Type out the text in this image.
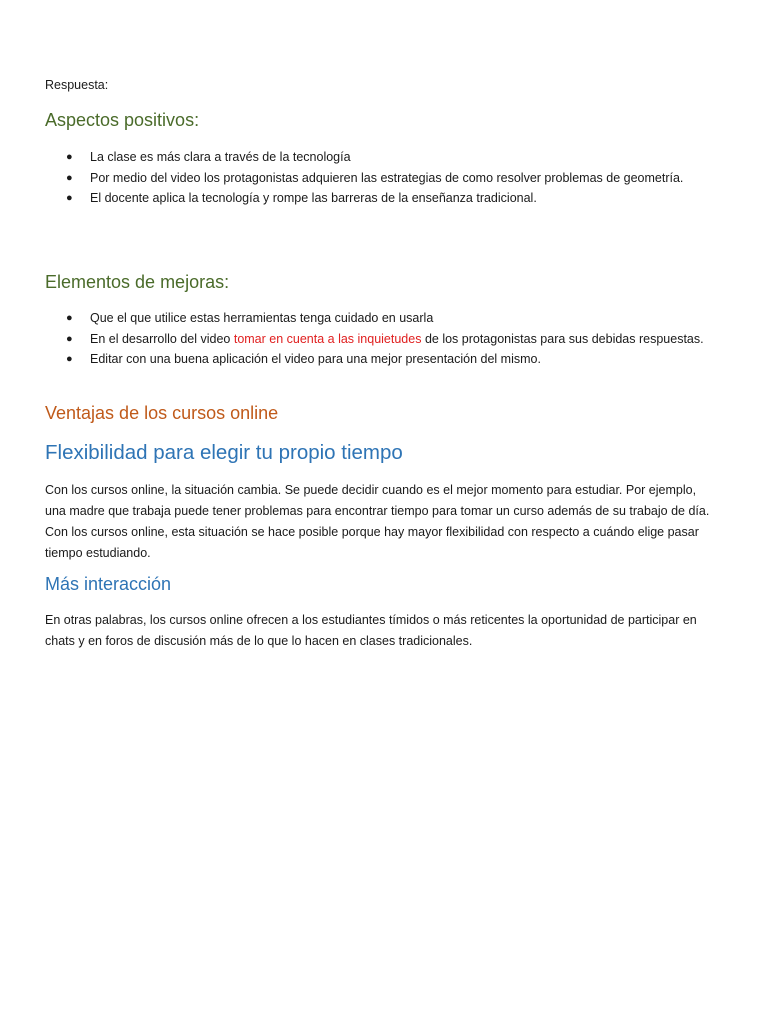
Respuesta:
Aspectos positivos:
● La clase es más clara a través de la tecnología
● Por medio del video los protagonistas adquieren las estrategias de como resolver problemas de geometría.
● El docente aplica la tecnología y rompe las barreras de la enseñanza tradicional.
Elementos de mejoras:
● Que el que utilice estas herramientas tenga cuidado en usarla
● En el desarrollo del video tomar en cuenta a las inquietudes de los protagonistas para sus debidas respuestas.
● Editar con una buena aplicación el video para una mejor presentación del mismo.
Ventajas de los cursos online
Flexibilidad para elegir tu propio tiempo

Con los cursos online, la situación cambia. Se puede decidir cuando es el mejor momento para estudiar. Por ejemplo, una madre que trabaja puede tener problemas para encontrar tiempo para tomar un curso además de su trabajo de día. Con los cursos online, esta situación se hace posible porque hay mayor flexibilidad con respecto a cuándo elige pasar tiempo estudiando.

Más interacción

En otras palabras, los cursos online ofrecen a los estudiantes tímidos o más reticentes la oportunidad de participar en chats y en foros de discusión más de lo que lo hacen en clases tradicionales.
